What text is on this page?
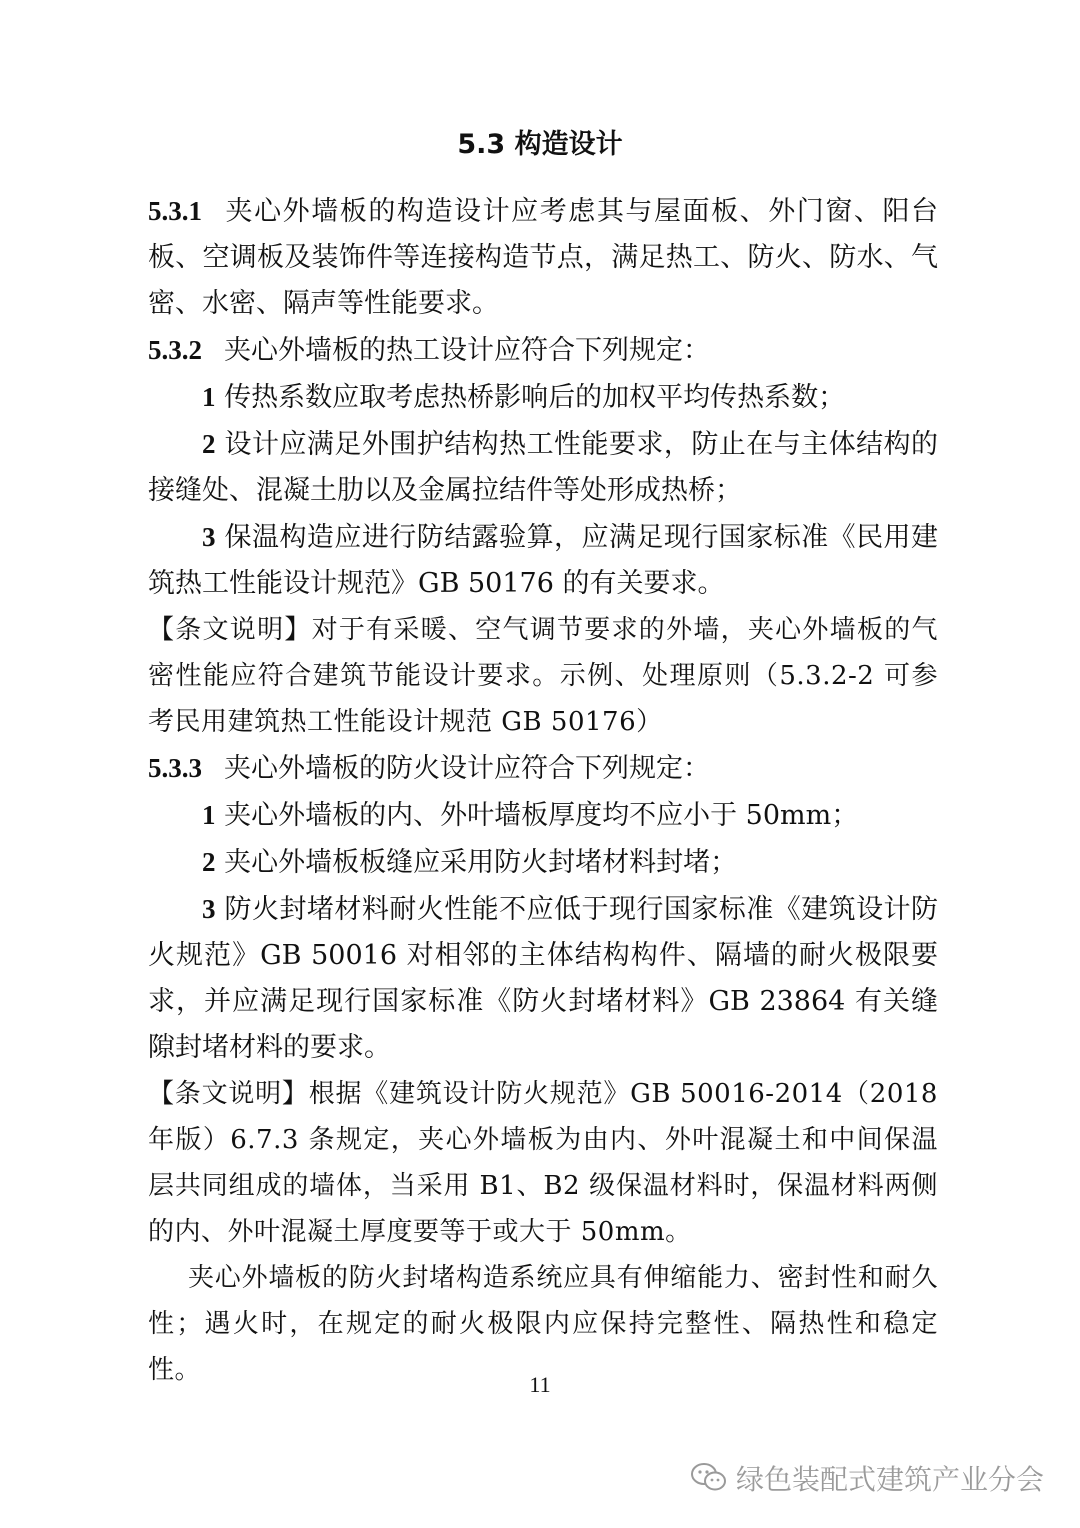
5.3 构造设计

5.3.1 夹心外墙板的构造设计应考虑其与屋面板、外门窗、阳台板、空调板及装饰件等连接构造节点，满足热工、防火、防水、气密、水密、隔声等性能要求。

5.3.2 夹心外墙板的热工设计应符合下列规定：

1 传热系数应取考虑热桥影响后的加权平均传热系数；

2 设计应满足外围护结构热工性能要求，防止在与主体结构的接缝处、混凝土肋以及金属拉结件等处形成热桥；

3 保温构造应进行防结露验算，应满足现行国家标准《民用建筑热工性能设计规范》GB 50176 的有关要求。

【条文说明】对于有采暖、空气调节要求的外墙，夹心外墙板的气密性能应符合建筑节能设计要求。示例、处理原则（5.3.2-2 可参考民用建筑热工性能设计规范 GB 50176）

5.3.3 夹心外墙板的防火设计应符合下列规定：

1 夹心外墙板的内、外叶墙板厚度均不应小于 50mm；

2 夹心外墙板板缝应采用防火封堵材料封堵；

3 防火封堵材料耐火性能不应低于现行国家标准《建筑设计防火规范》GB 50016 对相邻的主体结构构件、隔墙的耐火极限要求，并应满足现行国家标准《防火封堵材料》GB 23864 有关缝隙封堵材料的要求。

【条文说明】根据《建筑设计防火规范》GB 50016-2014（2018 年版）6.7.3 条规定，夹心外墙板为由内、外叶混凝土和中间保温层共同组成的墙体，当采用 B1、B2 级保温材料时，保温材料两侧的内、外叶混凝土厚度要等于或大于 50mm。

夹心外墙板的防火封堵构造系统应具有伸缩能力、密封性和耐久性；遇火时，在规定的耐火极限内应保持完整性、隔热性和稳定性。	11
绿色装配式建筑产业分会
